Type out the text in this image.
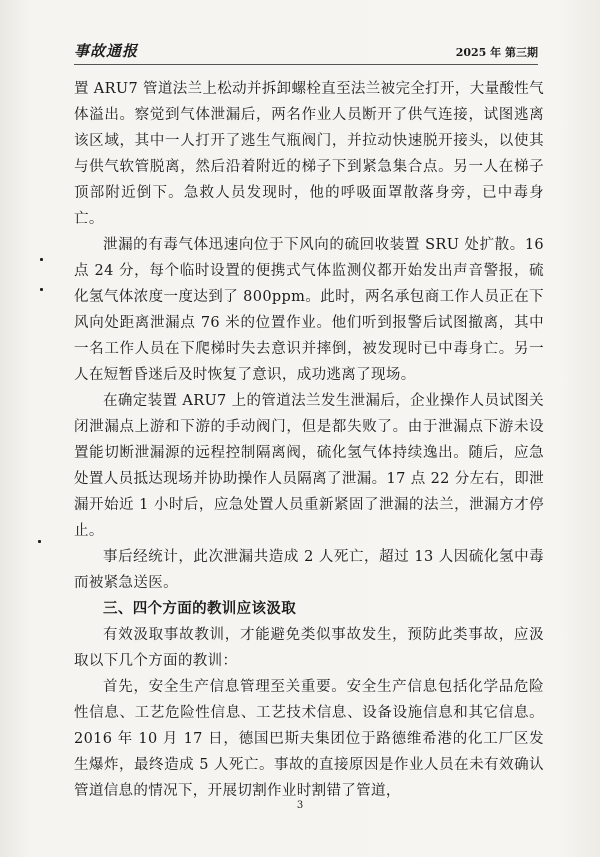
事故通报	2025 年 第三期

置 ARU7 管道法兰上松动并拆卸螺栓直至法兰被完全打开，大量酸性气体溢出。察觉到气体泄漏后，两名作业人员断开了供气连接，试图逃离该区域，其中一人打开了逃生气瓶阀门，并拉动快速脱开接头，以使其与供气软管脱离，然后沿着附近的梯子下到紧急集合点。另一人在梯子顶部附近倒下。急救人员发现时，他的呼吸面罩散落身旁，已中毒身亡。

泄漏的有毒气体迅速向位于下风向的硫回收装置 SRU 处扩散。16 点 24 分，每个临时设置的便携式气体监测仪都开始发出声音警报，硫化氢气体浓度一度达到了 800ppm。此时，两名承包商工作人员正在下风向处距离泄漏点 76 米的位置作业。他们听到报警后试图撤离，其中一名工作人员在下爬梯时失去意识并摔倒，被发现时已中毒身亡。另一人在短暂昏迷后及时恢复了意识，成功逃离了现场。

在确定装置 ARU7 上的管道法兰发生泄漏后，企业操作人员试图关闭泄漏点上游和下游的手动阀门，但是都失败了。由于泄漏点下游未设置能切断泄漏源的远程控制隔离阀，硫化氢气体持续逸出。随后，应急处置人员抵达现场并协助操作人员隔离了泄漏。17 点 22 分左右，即泄漏开始近 1 小时后，应急处置人员重新紧固了泄漏的法兰，泄漏方才停止。

事后经统计，此次泄漏共造成 2 人死亡，超过 13 人因硫化氢中毒而被紧急送医。

三、四个方面的教训应该汲取

有效汲取事故教训，才能避免类似事故发生，预防此类事故，应汲取以下几个方面的教训：

首先，安全生产信息管理至关重要。安全生产信息包括化学品危险性信息、工艺危险性信息、工艺技术信息、设备设施信息和其它信息。2016 年 10 月 17 日，德国巴斯夫集团位于路德维希港的化工厂区发生爆炸，最终造成 5 人死亡。事故的直接原因是作业人员在未有效确认管道信息的情况下，开展切割作业时割错了管道，

3
